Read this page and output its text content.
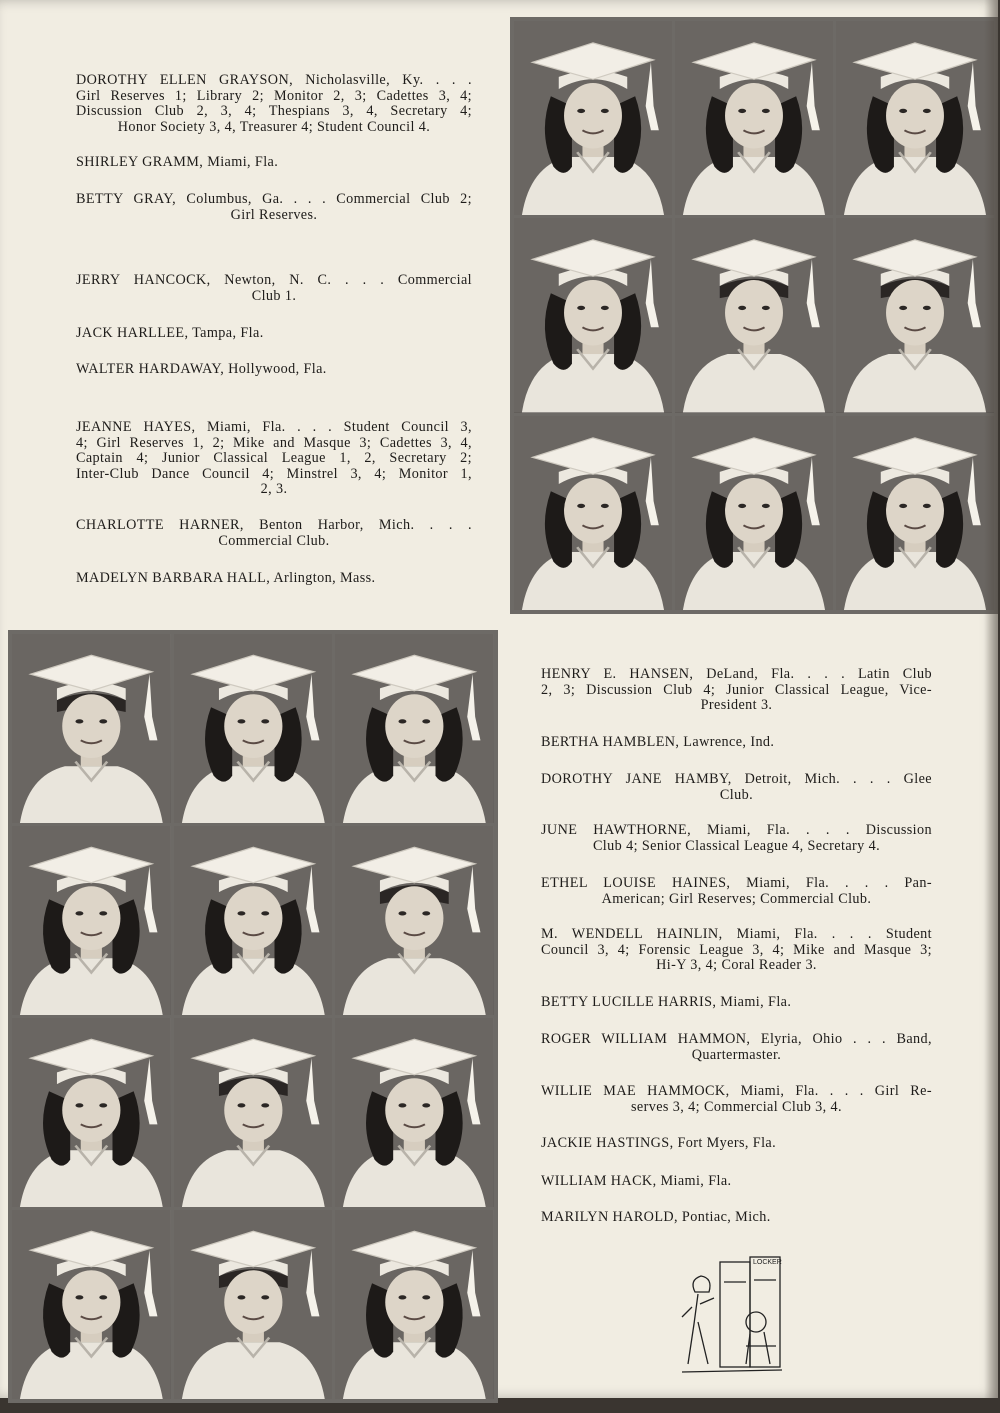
DOROTHY ELLEN GRAYSON, Nicholasville, Ky. . . .
Girl Reserves 1; Library 2; Monitor 2, 3; Cadettes 3, 4;
Discussion Club 2, 3, 4; Thespians 3, 4, Secretary 4;
Honor Society 3, 4, Treasurer 4; Student Council 4.
SHIRLEY GRAMM, Miami, Fla.
BETTY GRAY, Columbus, Ga. . . . Commercial Club 2;
Girl Reserves.
JERRY HANCOCK, Newton, N. C. . . . Commercial
Club 1.
JACK HARLLEE, Tampa, Fla.
WALTER HARDAWAY, Hollywood, Fla.
JEANNE HAYES, Miami, Fla. . . . Student Council 3,
4; Girl Reserves 1, 2; Mike and Masque 3; Cadettes 3, 4,
Captain 4; Junior Classical League 1, 2, Secretary 2;
Inter-Club Dance Council 4; Minstrel 3, 4; Monitor 1,
2, 3.
CHARLOTTE HARNER, Benton Harbor, Mich. . . .
Commercial Club.
MADELYN BARBARA HALL, Arlington, Mass.
HENRY E. HANSEN, DeLand, Fla. . . . Latin Club
2, 3; Discussion Club 4; Junior Classical League, Vice-
President 3.
BERTHA HAMBLEN, Lawrence, Ind.
DOROTHY JANE HAMBY, Detroit, Mich. . . . Glee
Club.
JUNE HAWTHORNE, Miami, Fla. . . . Discussion
Club 4; Senior Classical League 4, Secretary 4.
ETHEL LOUISE HAINES, Miami, Fla. . . . Pan-
American; Girl Reserves; Commercial Club.
M. WENDELL HAINLIN, Miami, Fla. . . . Student
Council 3, 4; Forensic League 3, 4; Mike and Masque 3;
Hi-Y 3, 4; Coral Reader 3.
BETTY LUCILLE HARRIS, Miami, Fla.
ROGER WILLIAM HAMMON, Elyria, Ohio . . . Band,
Quartermaster.
WILLIE MAE HAMMOCK, Miami, Fla. . . . Girl Re-
serves 3, 4; Commercial Club 3, 4.
JACKIE HASTINGS, Fort Myers, Fla.
WILLIAM HACK, Miami, Fla.
MARILYN HAROLD, Pontiac, Mich.
LOCKER
